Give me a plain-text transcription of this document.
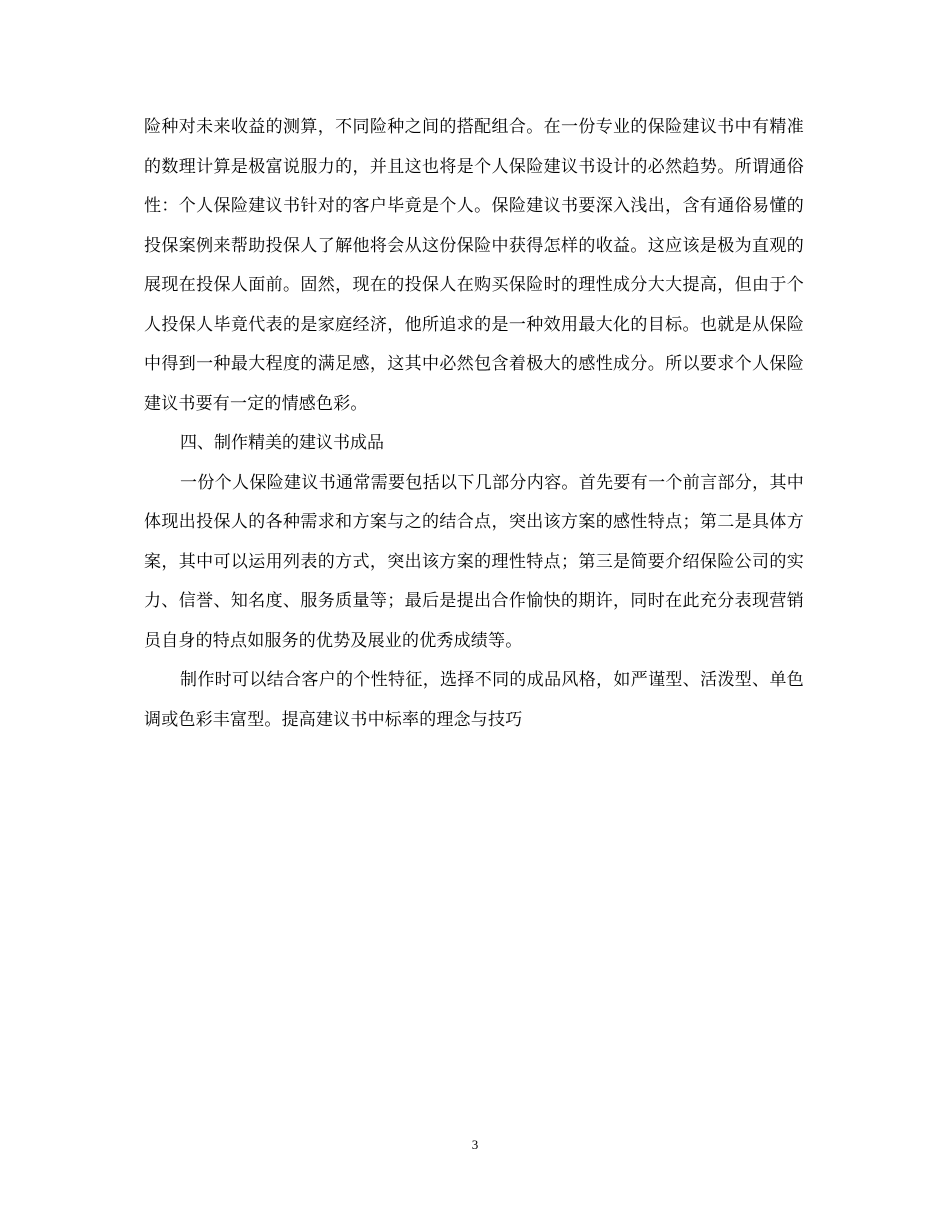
险种对未来收益的测算，不同险种之间的搭配组合。在一份专业的保险建议书中有精准的数理计算是极富说服力的，并且这也将是个人保险建议书设计的必然趋势。所谓通俗性：个人保险建议书针对的客户毕竟是个人。保险建议书要深入浅出，含有通俗易懂的投保案例来帮助投保人了解他将会从这份保险中获得怎样的收益。这应该是极为直观的展现在投保人面前。固然，现在的投保人在购买保险时的理性成分大大提高，但由于个人投保人毕竟代表的是家庭经济，他所追求的是一种效用最大化的目标。也就是从保险中得到一种最大程度的满足感，这其中必然包含着极大的感性成分。所以要求个人保险建议书要有一定的情感色彩。

四、制作精美的建议书成品

一份个人保险建议书通常需要包括以下几部分内容。首先要有一个前言部分，其中体现出投保人的各种需求和方案与之的结合点，突出该方案的感性特点；第二是具体方案，其中可以运用列表的方式，突出该方案的理性特点；第三是简要介绍保险公司的实力、信誉、知名度、服务质量等；最后是提出合作愉快的期许，同时在此充分表现营销员自身的特点如服务的优势及展业的优秀成绩等。

制作时可以结合客户的个性特征，选择不同的成品风格，如严谨型、活泼型、单色调或色彩丰富型。提高建议书中标率的理念与技巧

3
